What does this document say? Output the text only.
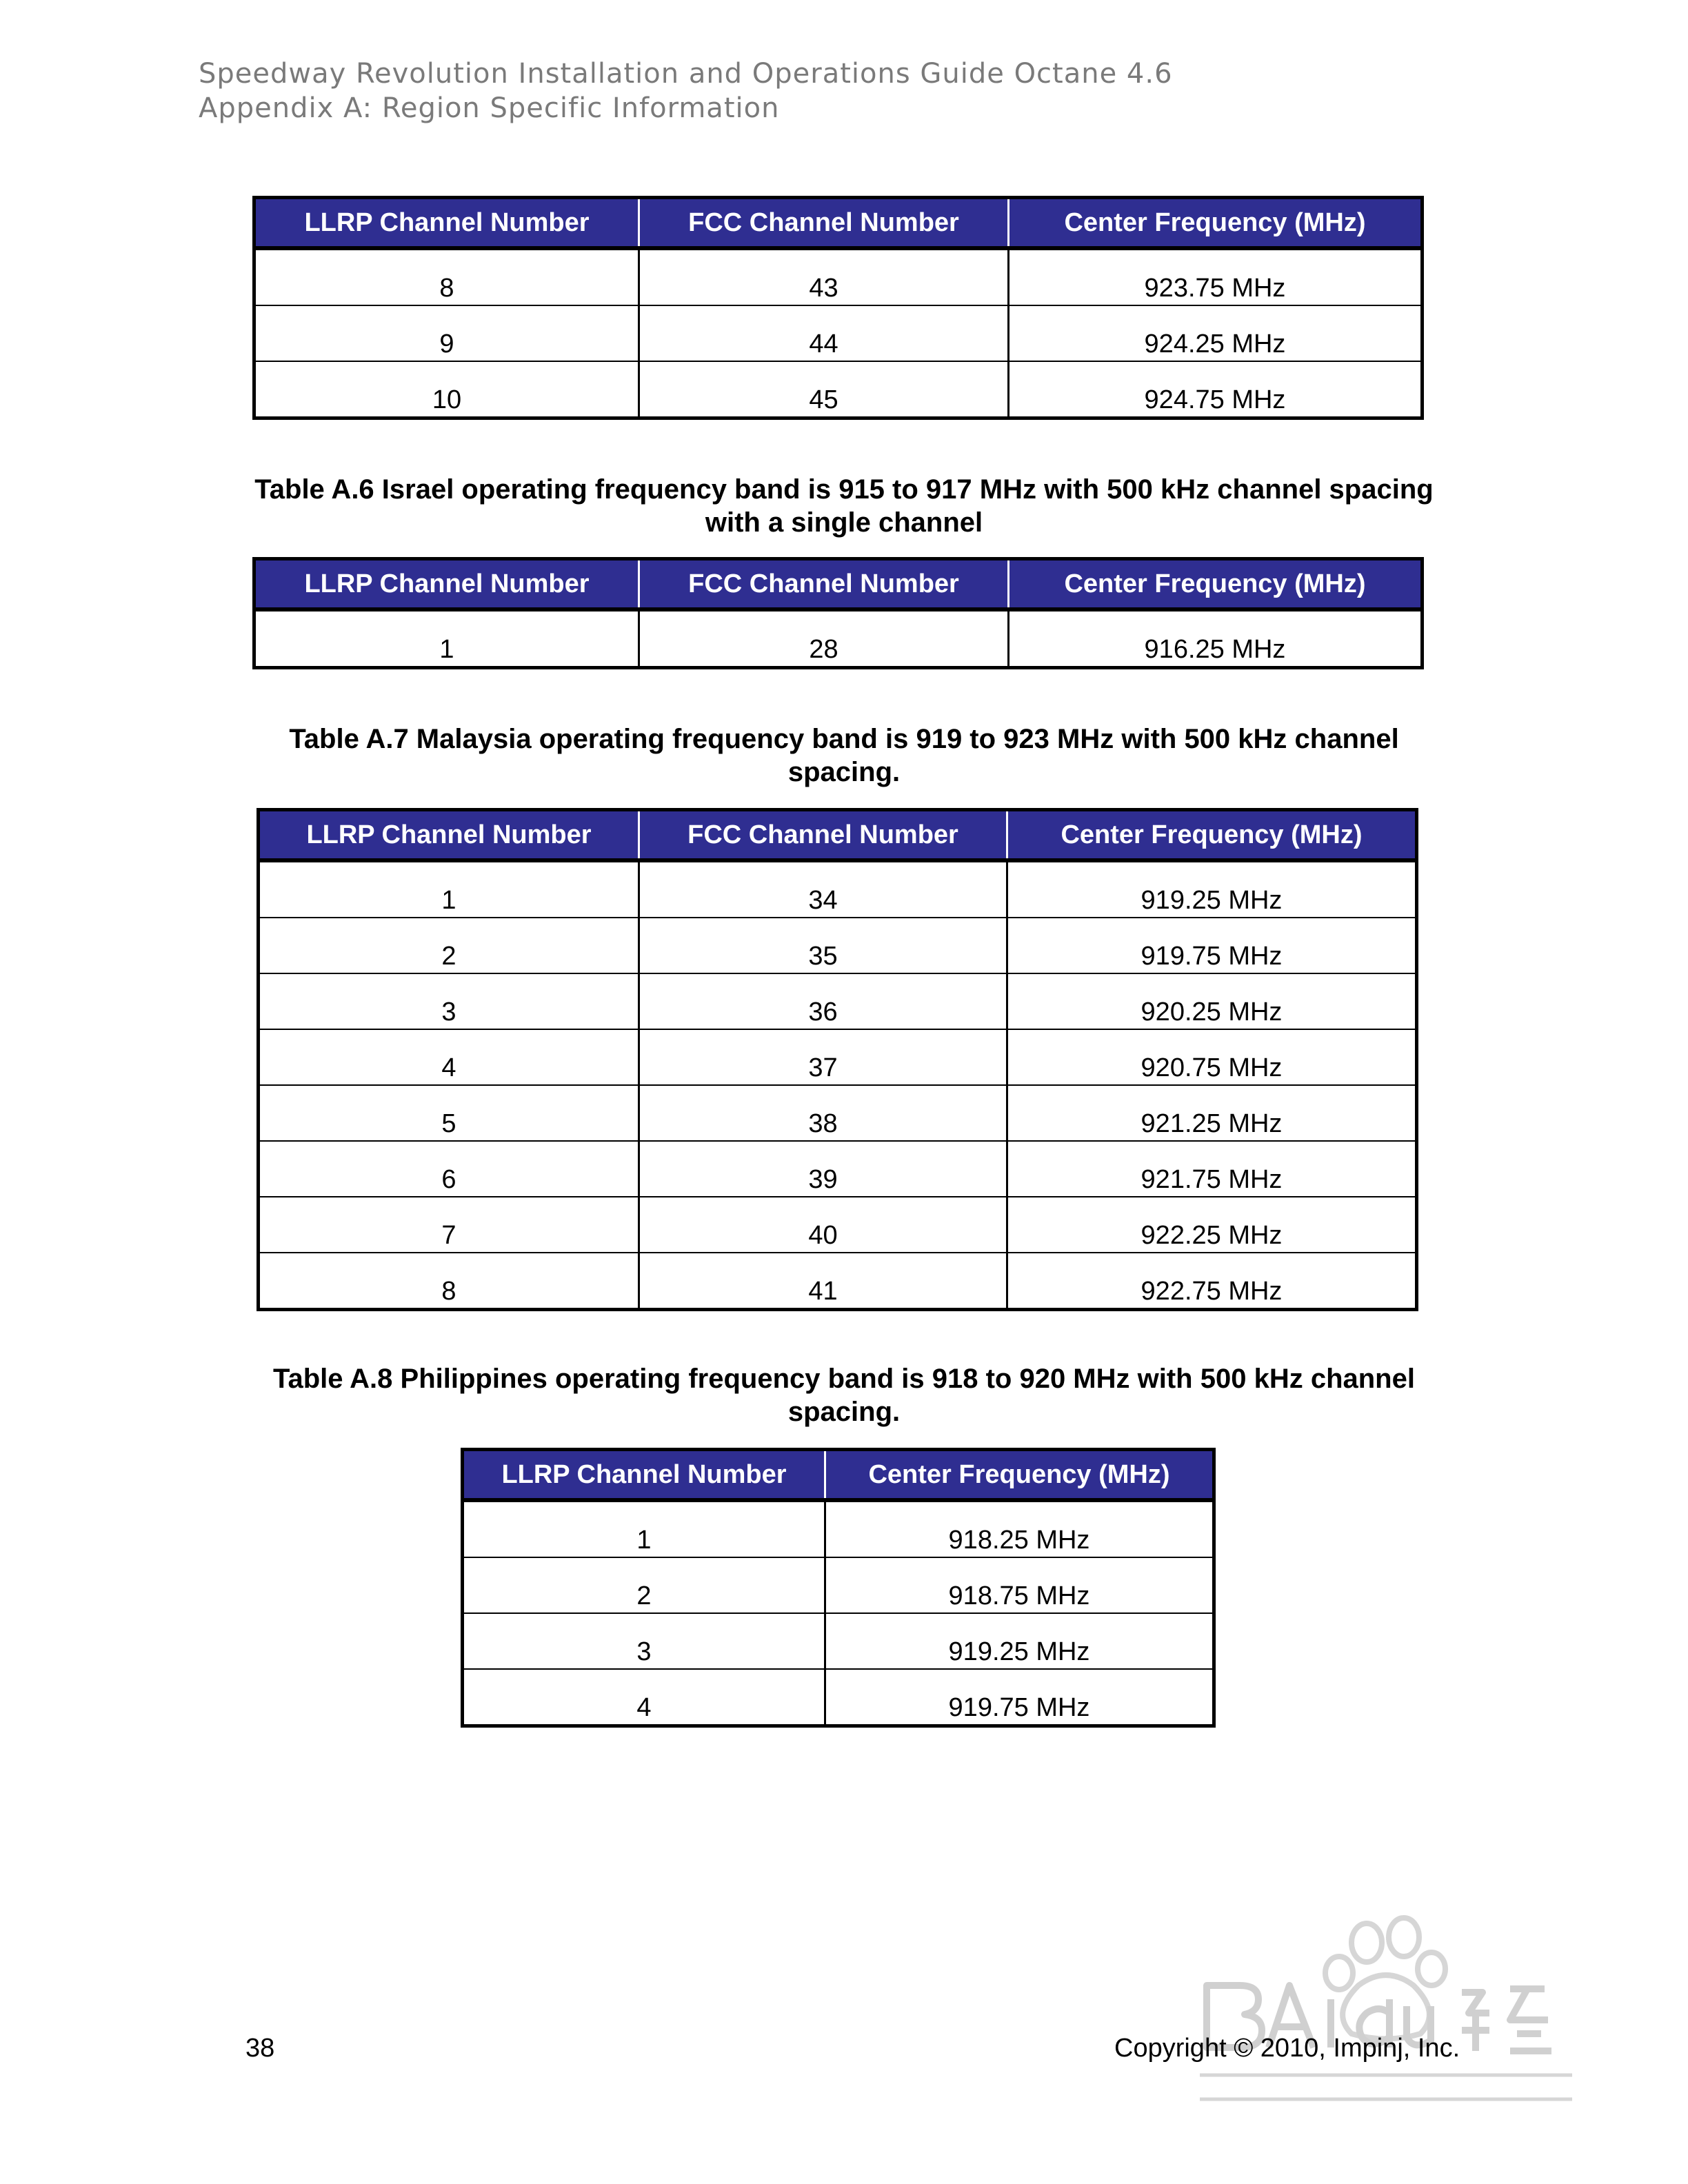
Speedway Revolution Installation and Operations Guide Octane 4.6
Appendix A: Region Specific Information
LLRP Channel Number	FCC Channel Number	Center Frequency (MHz)
8	43	923.75 MHz
9	44	924.25 MHz
10	45	924.75 MHz
Table A.6 Israel operating frequency band is 915 to 917 MHz with 500 kHz channel spacing
with a single channel
LLRP Channel Number	FCC Channel Number	Center Frequency (MHz)
1	28	916.25 MHz
Table A.7 Malaysia operating frequency band is 919 to 923 MHz with 500 kHz channel
spacing.
LLRP Channel Number	FCC Channel Number	Center Frequency (MHz)
1	34	919.25 MHz
2	35	919.75 MHz
3	36	920.25 MHz
4	37	920.75 MHz
5	38	921.25 MHz
6	39	921.75 MHz
7	40	922.25 MHz
8	41	922.75 MHz
Table A.8 Philippines operating frequency band is 918 to 920 MHz with 500 kHz channel
spacing.
LLRP Channel Number	Center Frequency (MHz)
1	918.25 MHz
2	918.75 MHz
3	919.25 MHz
4	919.75 MHz
38	Copyright © 2010, Impinj, Inc.
